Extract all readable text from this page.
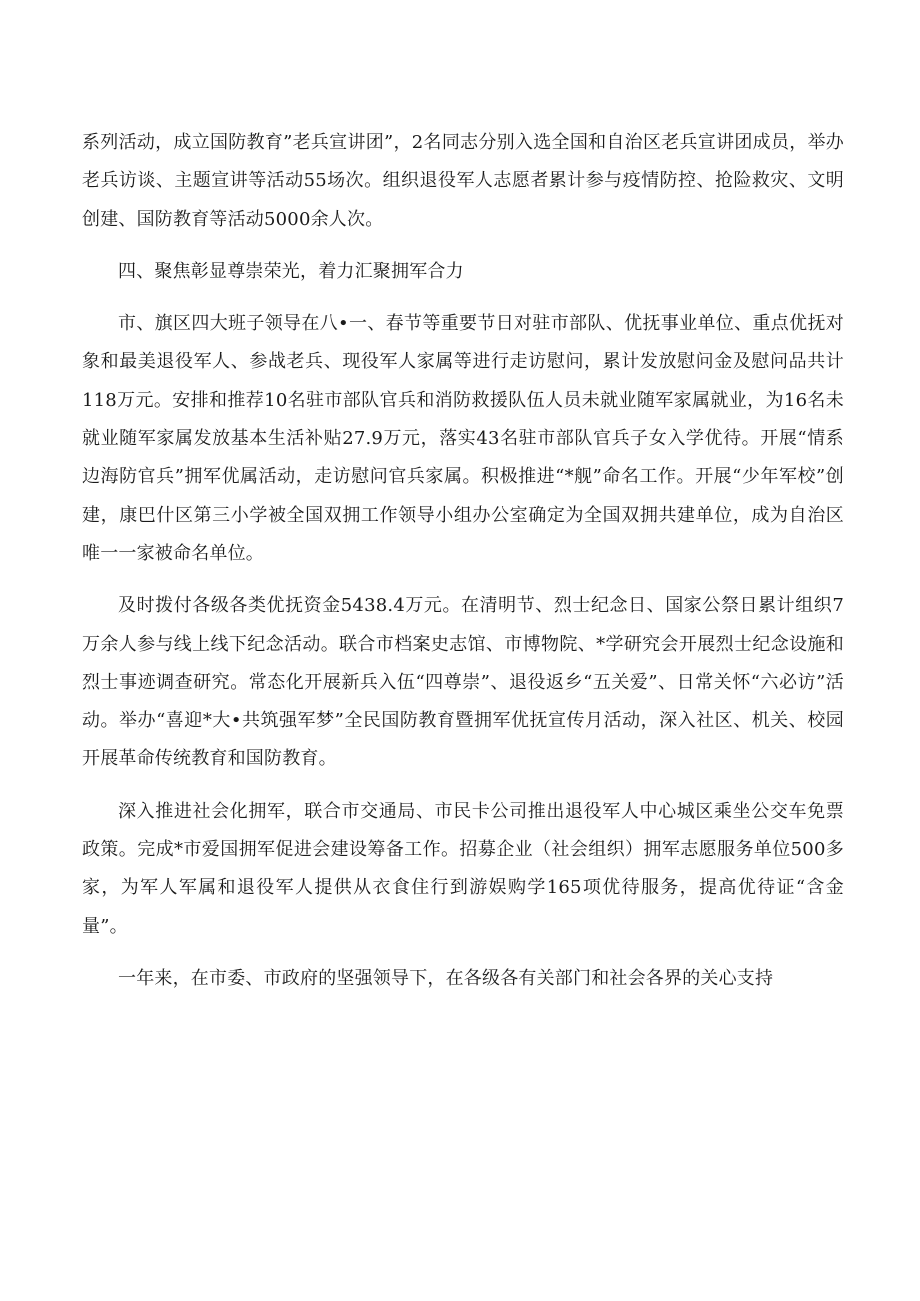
系列活动，成立国防教育”老兵宣讲团”，2名同志分别入选全国和自治区老兵宣讲团成员，举办老兵访谈、主题宣讲等活动55场次。组织退役军人志愿者累计参与疫情防控、抢险救灾、文明创建、国防教育等活动5000余人次。

四、聚焦彰显尊崇荣光，着力汇聚拥军合力

市、旗区四大班子领导在八•一、春节等重要节日对驻市部队、优抚事业单位、重点优抚对象和最美退役军人、参战老兵、现役军人家属等进行走访慰问，累计发放慰问金及慰问品共计118万元。安排和推荐10名驻市部队官兵和消防救援队伍人员未就业随军家属就业，为16名未就业随军家属发放基本生活补贴27.9万元，落实43名驻市部队官兵子女入学优待。开展“情系边海防官兵”拥军优属活动，走访慰问官兵家属。积极推进“*舰”命名工作。开展“少年军校”创建，康巴什区第三小学被全国双拥工作领导小组办公室确定为全国双拥共建单位，成为自治区唯一一家被命名单位。

及时拨付各级各类优抚资金5438.4万元。在清明节、烈士纪念日、国家公祭日累计组织7万余人参与线上线下纪念活动。联合市档案史志馆、市博物院、*学研究会开展烈士纪念设施和烈士事迹调查研究。常态化开展新兵入伍“四尊崇”、退役返乡“五关爱”、日常关怀“六必访”活动。举办“喜迎*大•共筑强军梦”全民国防教育暨拥军优抚宣传月活动，深入社区、机关、校园开展革命传统教育和国防教育。

深入推进社会化拥军，联合市交通局、市民卡公司推出退役军人中心城区乘坐公交车免票政策。完成*市爱国拥军促进会建设筹备工作。招募企业（社会组织）拥军志愿服务单位500多家，为军人军属和退役军人提供从衣食住行到游娱购学165项优待服务，提高优待证“含金量”。

一年来，在市委、市政府的坚强领导下，在各级各有关部门和社会各界的关心支持
